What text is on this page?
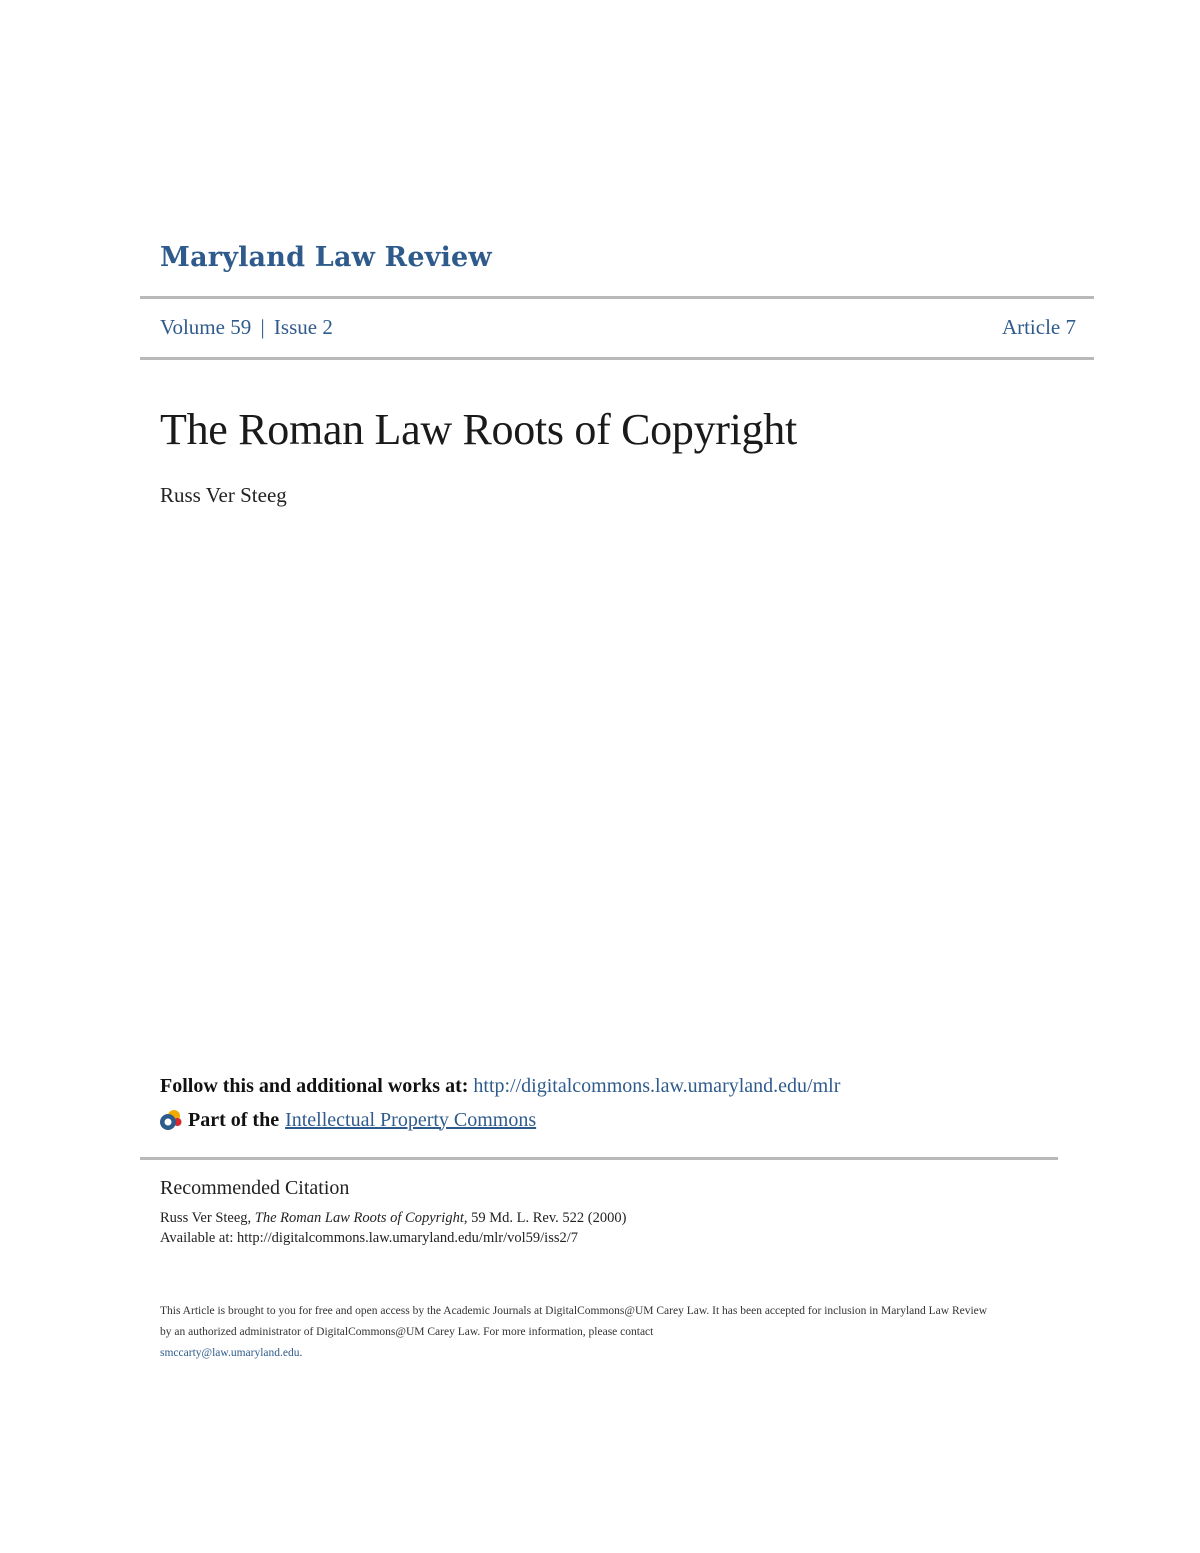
Maryland Law Review
Volume 59 | Issue 2	Article 7
The Roman Law Roots of Copyright
Russ Ver Steeg
Follow this and additional works at: http://digitalcommons.law.umaryland.edu/mlr
Part of the Intellectual Property Commons
Recommended Citation
Russ Ver Steeg, The Roman Law Roots of Copyright, 59 Md. L. Rev. 522 (2000)
Available at: http://digitalcommons.law.umaryland.edu/mlr/vol59/iss2/7
This Article is brought to you for free and open access by the Academic Journals at DigitalCommons@UM Carey Law. It has been accepted for inclusion in Maryland Law Review by an authorized administrator of DigitalCommons@UM Carey Law. For more information, please contact
smccarty@law.umaryland.edu.
